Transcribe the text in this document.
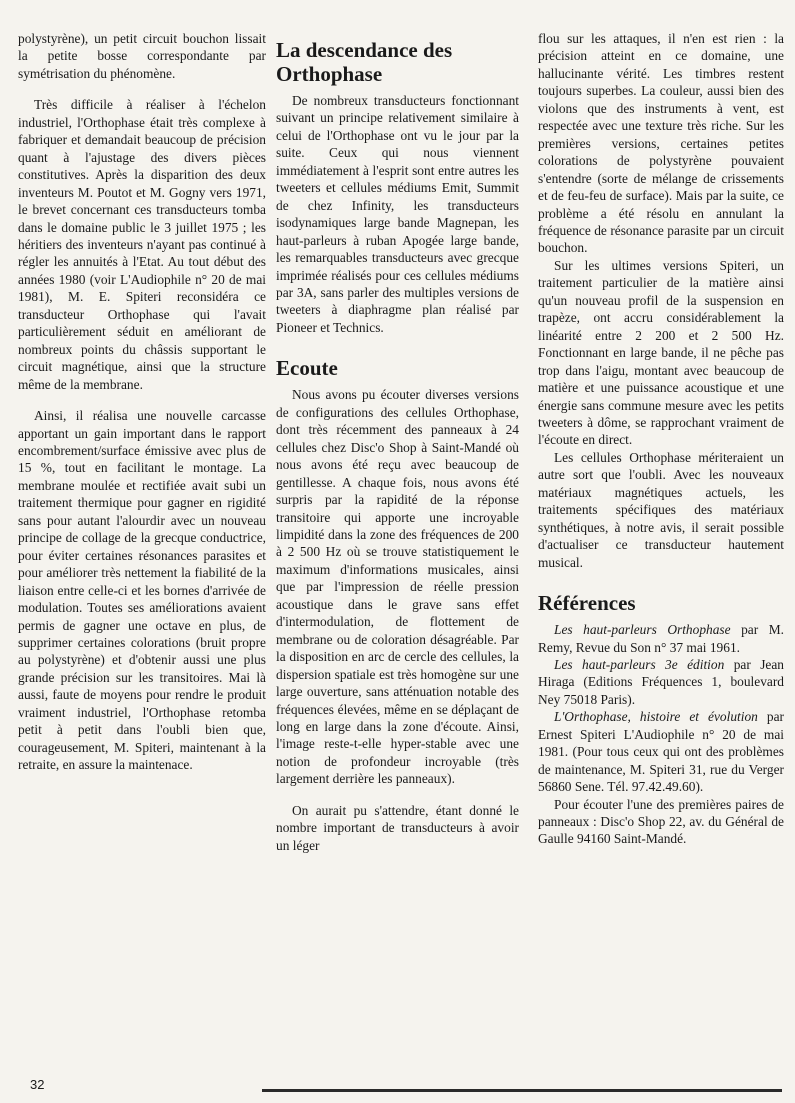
polystyrène), un petit circuit bouchon lissait la petite bosse correspondante par symétrisation du phénomène.

Très difficile à réaliser à l'échelon industriel, l'Orthophase était très complexe à fabriquer et demandait beaucoup de précision quant à l'ajustage des divers pièces constitutives. Après la disparition des deux inventeurs M. Poutot et M. Gogny vers 1971, le brevet concernant ces transducteurs tomba dans le domaine public le 3 juillet 1975 ; les héritiers des inventeurs n'ayant pas continué à régler les annuités à l'Etat. Au tout début des années 1980 (voir L'Audiophile n° 20 de mai 1981), M. E. Spiteri reconsidéra ce transducteur Orthophase qui l'avait particulièrement séduit en améliorant de nombreux points du châssis supportant le circuit magnétique, ainsi que la structure même de la membrane.

Ainsi, il réalisa une nouvelle carcasse apportant un gain important dans le rapport encombrement/surface émissive avec plus de 15 %, tout en facilitant le montage. La membrane moulée et rectifiée avait subi un traitement thermique pour gagner en rigidité sans pour autant l'alourdir avec un nouveau principe de collage de la grecque conductrice, pour éviter certaines résonances parasites et pour améliorer très nettement la fiabilité de la liaison entre celle-ci et les bornes d'arrivée de modulation. Toutes ses améliorations avaient permis de gagner une octave en plus, de supprimer certaines colorations (bruit propre au polystyrène) et d'obtenir aussi une plus grande précision sur les transitoires. Mai là aussi, faute de moyens pour rendre le produit vraiment industriel, l'Orthophase retomba petit à petit dans l'oubli bien que, courageusement, M. Spiteri, maintenant à la retraite, en assure la maintenace.

La descendance des Orthophase

De nombreux transducteurs fonctionnant suivant un principe relativement similaire à celui de l'Orthophase ont vu le jour par la suite. Ceux qui nous viennent immédiatement à l'esprit sont entre autres les tweeters et cellules médiums Emit, Summit de chez Infinity, les transducteurs isodynamiques large bande Magnepan, les haut-parleurs à ruban Apogée large bande, les remarquables transducteurs avec grecque imprimée réalisés pour ces cellules médiums par 3A, sans parler des multiples versions de tweeters à diaphragme plan réalisé par Pioneer et Technics.

Ecoute

Nous avons pu écouter diverses versions de configurations des cellules Orthophase, dont très récemment des panneaux à 24 cellules chez Disc'o Shop à Saint-Mandé où nous avons été reçu avec beaucoup de gentillesse. A chaque fois, nous avons été surpris par la rapidité de la réponse transitoire qui apporte une incroyable limpidité dans la zone des fréquences de 200 à 2 500 Hz où se trouve statistiquement le maximum d'informations musicales, ainsi que par l'impression de réelle pression acoustique dans le grave sans effet d'intermodulation, de flottement de membrane ou de coloration désagréable. Par la disposition en arc de cercle des cellules, la dispersion spatiale est très homogène sur une large ouverture, sans atténuation notable des fréquences élevées, même en se déplaçant de long en large dans la zone d'écoute. Ainsi, l'image reste-t-elle hyper-stable avec une notion de profondeur incroyable (très largement derrière les panneaux).

On aurait pu s'attendre, étant donné le nombre important de transducteurs à avoir un léger

flou sur les attaques, il n'en est rien : la précision atteint en ce domaine, une hallucinante vérité. Les timbres restent toujours superbes. La couleur, aussi bien des violons que des instruments à vent, est respectée avec une texture très riche. Sur les premières versions, certaines petites colorations de polystyrène pouvaient s'entendre (sorte de mélange de crissements et de feu-feu de surface). Mais par la suite, ce problème a été résolu en annulant la fréquence de résonance parasite par un circuit bouchon.

Sur les ultimes versions Spiteri, un traitement particulier de la matière ainsi qu'un nouveau profil de la suspension en trapèze, ont accru considérablement la linéarité entre 2 200 et 2 500 Hz. Fonctionnant en large bande, il ne pêche pas trop dans l'aigu, montant avec beaucoup de matière et une puissance acoustique et une énergie sans commune mesure avec les petits tweeters à dôme, se rapprochant vraiment de l'écoute en direct.

Les cellules Orthophase mériteraient un autre sort que l'oubli. Avec les nouveaux matériaux magnétiques actuels, les traitements spécifiques des matériaux synthétiques, à notre avis, il serait possible d'actualiser ce transducteur hautement musical.

Références

Les haut-parleurs Orthophase par M. Remy, Revue du Son n° 37 mai 1961.

Les haut-parleurs 3e édition par Jean Hiraga (Editions Fréquences 1, boulevard Ney 75018 Paris).

L'Orthophase, histoire et évolution par Ernest Spiteri L'Audiophile n° 20 de mai 1981. (Pour tous ceux qui ont des problèmes de maintenance, M. Spiteri 31, rue du Verger 56860 Sene. Tél. 97.42.49.60).

Pour écouter l'une des premières paires de panneaux : Disc'o Shop 22, av. du Général de Gaulle 94160 Saint-Mandé.

32
